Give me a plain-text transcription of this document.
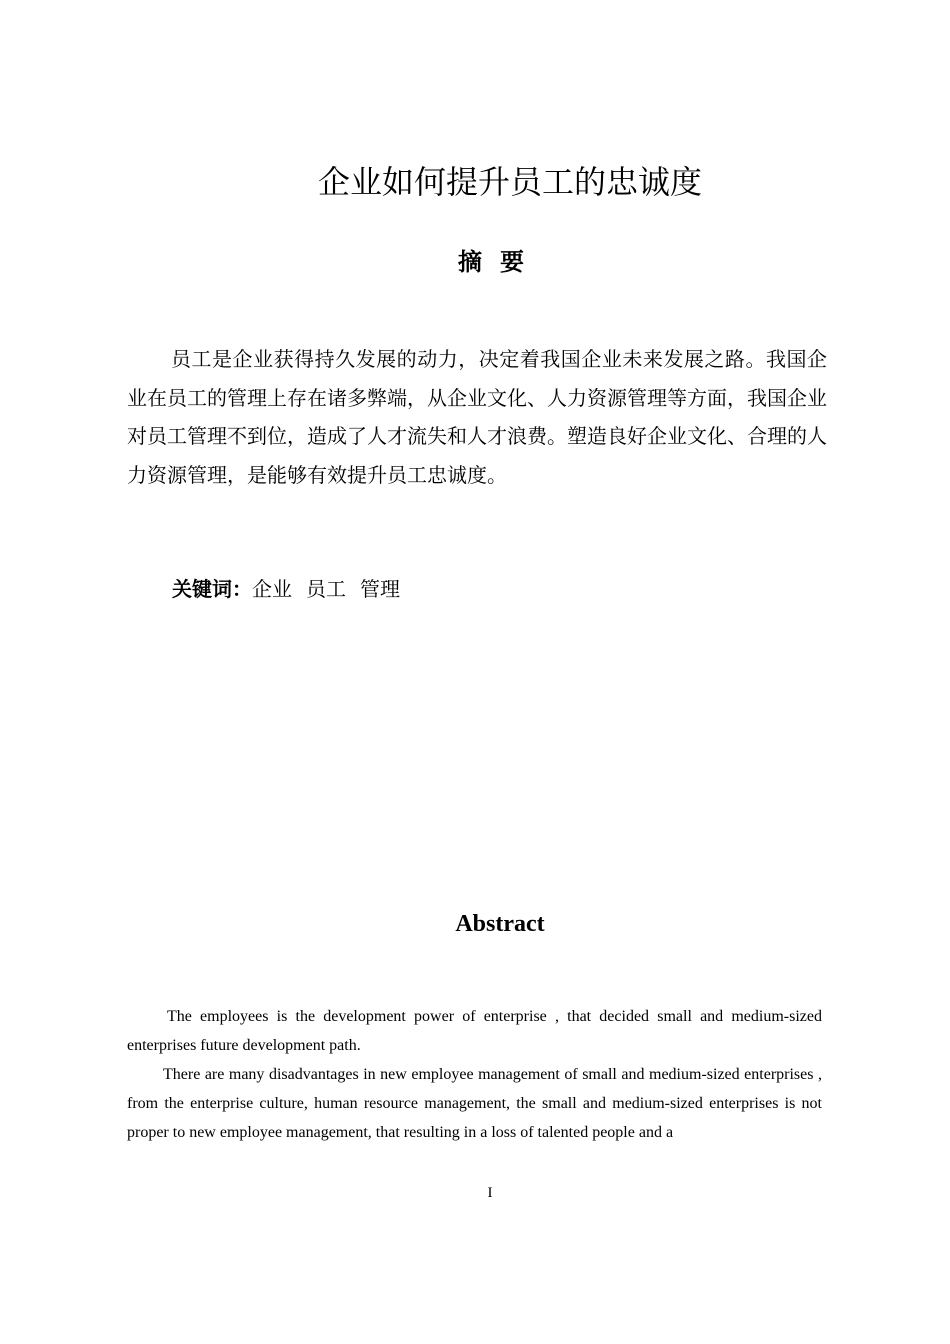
企业如何提升员工的忠诚度
摘要

员工是企业获得持久发展的动力，决定着我国企业未来发展之路。我国企业在员工的管理上存在诸多弊端，从企业文化、人力资源管理等方面，我国企业对员工管理不到位，造成了人才流失和人才浪费。塑造良好企业文化、合理的人力资源管理，是能够有效提升员工忠诚度。

关键词：企业 员工 管理

Abstract

The employees is the development power of enterprise , that decided small and medium-sized enterprises future development path.

There are many disadvantages in new employee management of small and medium-sized enterprises , from the enterprise culture, human resource management, the small and medium-sized enterprises is not proper to new employee management, that resulting in a loss of talented people and a

I
